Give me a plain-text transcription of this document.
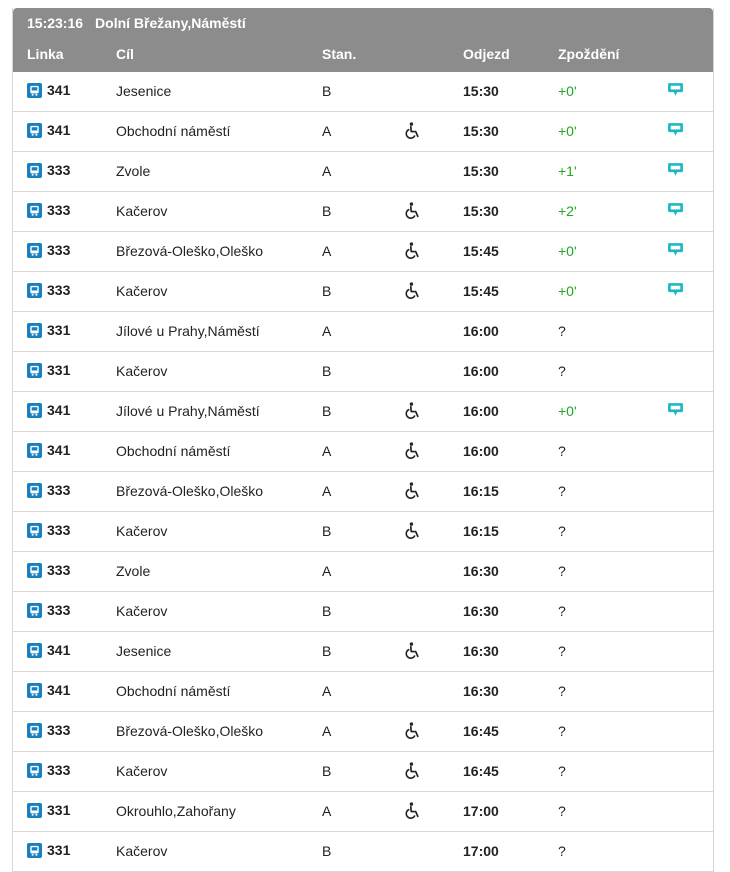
15:23:16 Dolní Břežany,Náměstí
Linka	Cíl	Stan.	Odjezd	Zpoždění
341	Jesenice	B	15:30	+0'
341	Obchodní náměstí	A	15:30	+0'
333	Zvole	A	15:30	+1'
333	Kačerov	B	15:30	+2'
333	Březová-Oleško,Oleško	A	15:45	+0'
333	Kačerov	B	15:45	+0'
331	Jílové u Prahy,Náměstí	A	16:00	?
331	Kačerov	B	16:00	?
341	Jílové u Prahy,Náměstí	B	16:00	+0'
341	Obchodní náměstí	A	16:00	?
333	Březová-Oleško,Oleško	A	16:15	?
333	Kačerov	B	16:15	?
333	Zvole	A	16:30	?
333	Kačerov	B	16:30	?
341	Jesenice	B	16:30	?
341	Obchodní náměstí	A	16:30	?
333	Březová-Oleško,Oleško	A	16:45	?
333	Kačerov	B	16:45	?
331	Okrouhlo,Zahořany	A	17:00	?
331	Kačerov	B	17:00	?
